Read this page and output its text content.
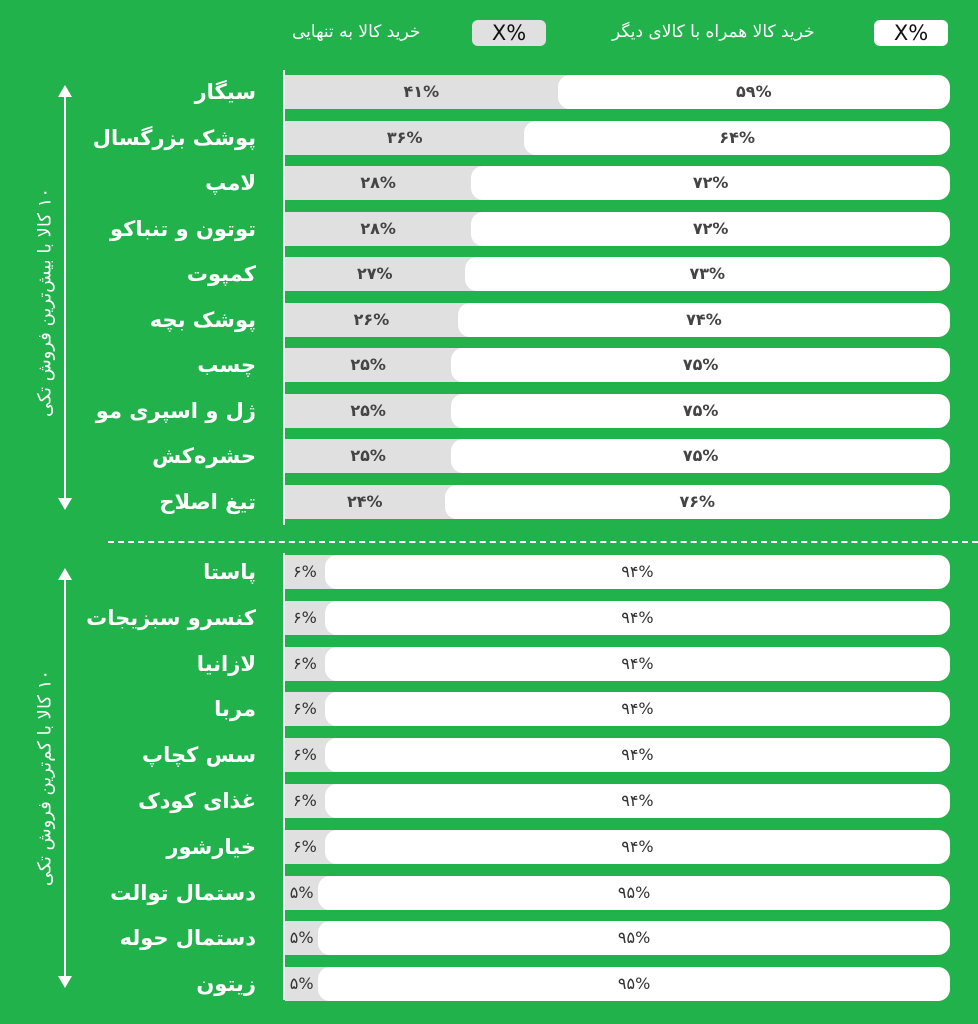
خرید کالا همراه با کالای دیگر	X%
خرید کالا به تنهایی	X%
۱۰ کالا با بیش‌ترین فروش تکی
۱۰ کالا با کم‌ترین فروش تکی
سیگار	۴۱%	۵۹%
پوشک بزرگسال	۳۶%	۶۴%
لامپ	۲۸%	۷۲%
توتون و تنباکو	۲۸%	۷۲%
کمپوت	۲۷%	۷۳%
پوشک بچه	۲۶%	۷۴%
چسب	۲۵%	۷۵%
ژل و اسپری مو	۲۵%	۷۵%
حشره‌کش	۲۵%	۷۵%
تیغ اصلاح	۲۴%	۷۶%
پاستا ۶%	۹۴%
کنسرو سبزیجات ۶%	۹۴%
لازانیا ۶%	۹۴%
مربا ۶%	۹۴%
سس کچاپ ۶%	۹۴%
غذای کودک ۶%	۹۴%
خیارشور ۶%	۹۴%
دستمال توالت ۵%	۹۵%
دستمال حوله ۵%	۹۵%
زیتون ۵%	۹۵%
